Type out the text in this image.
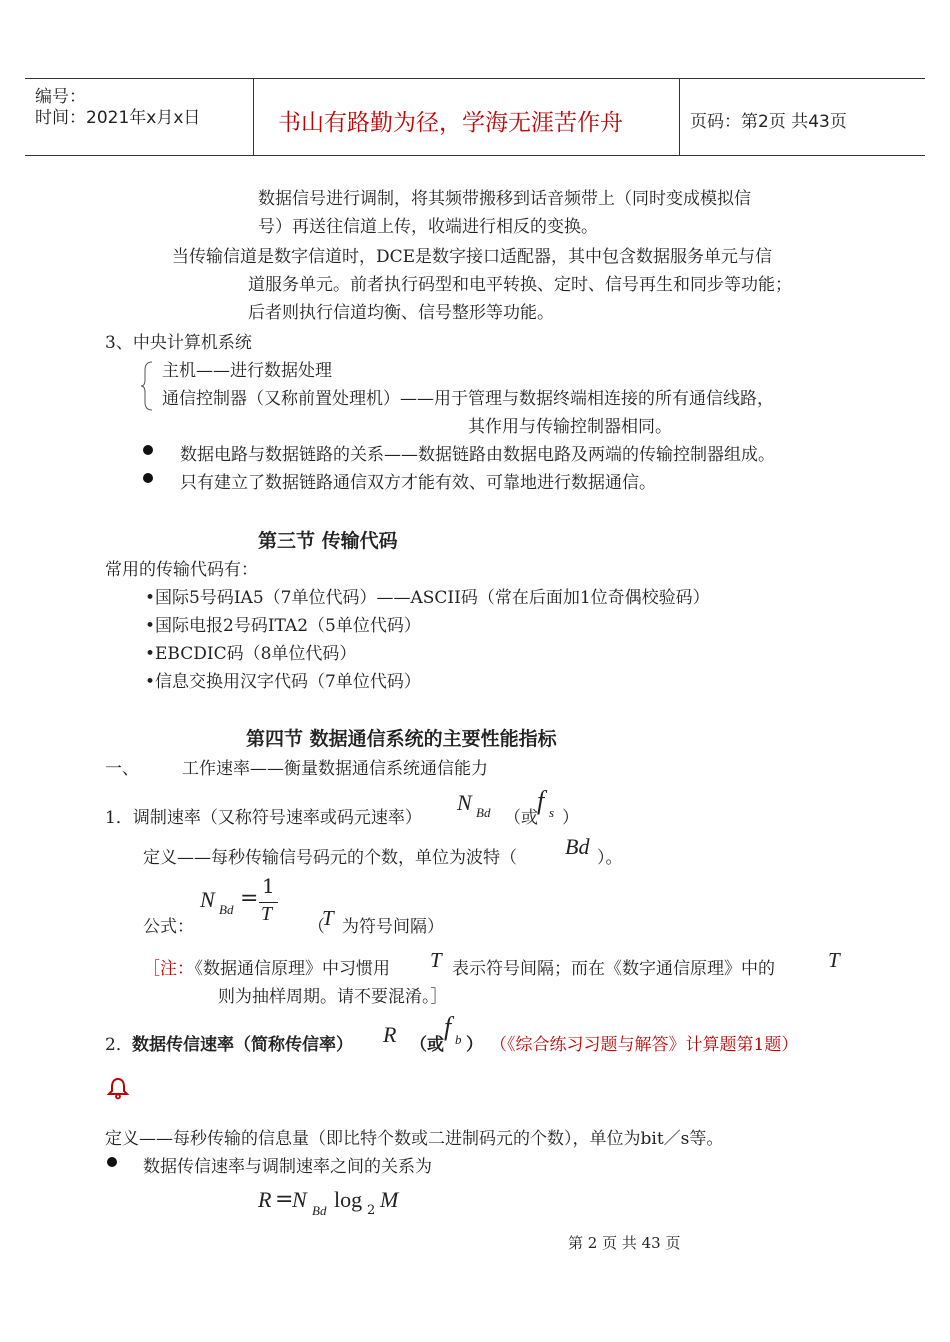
编号：
时间：2021年x月x日	书山有路勤为径，学海无涯苦作舟	页码：第2页 共43页
数据信号进行调制，将其频带搬移到话音频带上（同时变成模拟信
号）再送往信道上传，收端进行相反的变换。
当传输信道是数字信道时，DCE是数字接口适配器，其中包含数据服务单元与信
道服务单元。前者执行码型和电平转换、定时、信号再生和同步等功能；
后者则执行信道均衡、信号整形等功能。
3、中央计算机系统
主机——进行数据处理
通信控制器（又称前置处理机）——用于管理与数据终端相连接的所有通信线路，
其作用与传输控制器相同。
数据电路与数据链路的关系——数据链路由数据电路及两端的传输控制器组成。
只有建立了数据链路通信双方才能有效、可靠地进行数据通信。
第三节 传输代码
常用的传输代码有：
•国际5号码IA5（7单位代码）——ASCII码（常在后面加1位奇偶校验码）
•国际电报2号码ITA2（5单位代码）
•EBCDIC码（8单位代码）
•信息交换用汉字代码（7单位代码）
第四节 数据通信系统的主要性能指标
一、	工作速率——衡量数据通信系统通信能力
1．调制速率（又称符号速率或码元速率）
N Bd （或
f s ）
定义——每秒传输信号码元的个数，单位为波特（ Bd ）。
公式：
N Bd = 1
T
（
T 为符号间隔）
［注：
《数据通信原理》中习惯用 T 表示符号间隔；而在《数字通信原理》中的	T
则为抽样周期。请不要混淆。］
2． 数据传信速率（简称传信率） R （或
f b ） （《综合练习习题与解答》计算题第1题）
定义——每秒传输的信息量（即比特个数或二进制码元的个数），单位为bit／s等。
数据传信速率与调制速率之间的关系为
R =
N Bd log 2 M
第 2 页 共 43 页
